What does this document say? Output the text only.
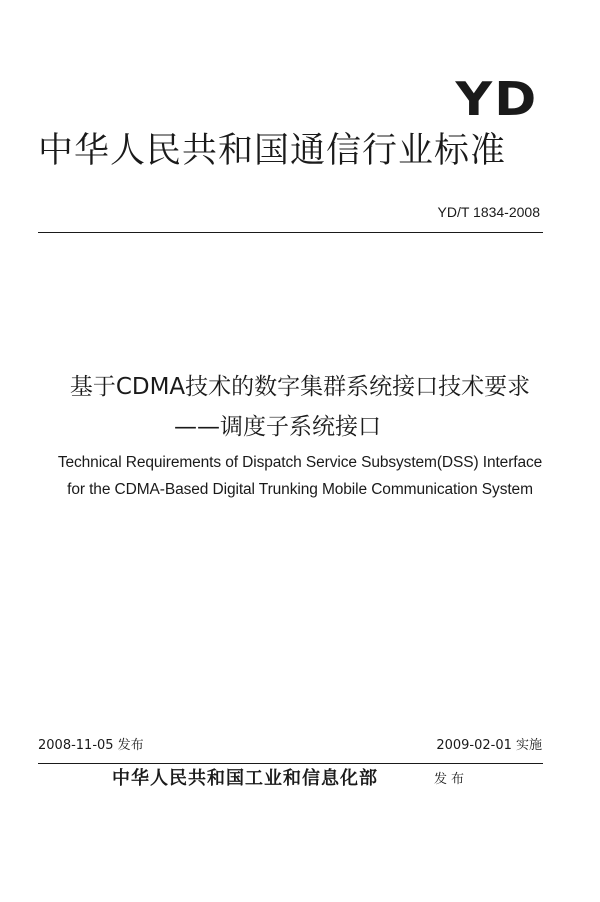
YD
中华人民共和国通信行业标准
YD/T 1834-2008
基于CDMA技术的数字集群系统接口技术要求
——调度子系统接口
Technical Requirements of Dispatch Service Subsystem(DSS) Interface
for the CDMA-Based Digital Trunking Mobile Communication System
2008-11-05 发布	2009-02-01 实施
中华人民共和国工业和信息化部	发布
